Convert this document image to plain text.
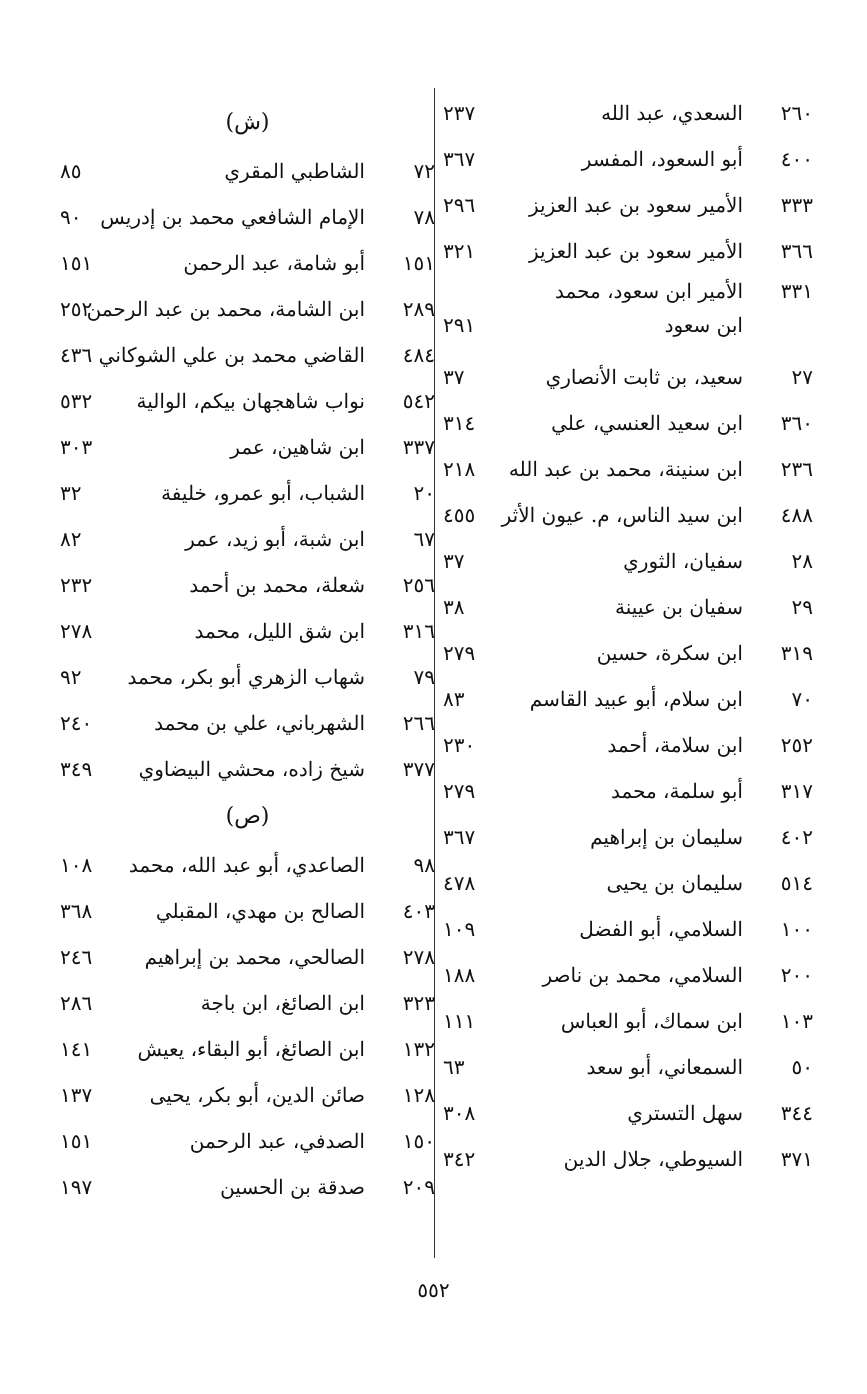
٢٦٠
السعدي، عبد الله
٢٣٧
٤٠٠
أبو السعود، المفسر
٣٦٧
٣٣٣
الأمير سعود بن عبد العزيز
٢٩٦
٣٦٦
الأمير سعود بن عبد العزيز
٣٢١
٣٣١
الأمير ابن سعود، محمد ابن سعود
٢٩١
٢٧
سعيد، بن ثابت الأنصاري
٣٧
٣٦٠
ابن سعيد العنسي، علي
٣١٤
٢٣٦
ابن سنينة، محمد بن عبد الله
٢١٨
٤٨٨
ابن سيد الناس، م. عيون الأثر
٤٥٥
٢٨
سفيان، الثوري
٣٧
٢٩
سفيان بن عيينة
٣٨
٣١٩
ابن سكرة، حسين
٢٧٩
٧٠
ابن سلام، أبو عبيد القاسم
٨٣
٢٥٢
ابن سلامة، أحمد
٢٣٠
٣١٧
أبو سلمة، محمد
٢٧٩
٤٠٢
سليمان بن إبراهيم
٣٦٧
٥١٤
سليمان بن يحيى
٤٧٨
١٠٠
السلامي، أبو الفضل
١٠٩
٢٠٠
السلامي، محمد بن ناصر
١٨٨
١٠٣
ابن سماك، أبو العباس
١١١
٥٠
السمعاني، أبو سعد
٦٣
٣٤٤
سهل التستري
٣٠٨
٣٧١
السيوطي، جلال الدين
٣٤٢
(ش)
٧٢
الشاطبي المقري
٨٥
٧٨
الإمام الشافعي محمد بن إدريس
٩٠
١٥١
أبو شامة، عبد الرحمن
١٥١
٢٨٩
ابن الشامة، محمد بن عبد الرحمن
٢٥٢
٤٨٤
القاضي محمد بن علي الشوكاني
٤٣٦
٥٤٢
نواب شاهجهان بيكم، الوالية
٥٣٢
٣٣٧
ابن شاهين، عمر
٣٠٣
٢٠
الشباب، أبو عمرو، خليفة
٣٢
٦٧
ابن شبة، أبو زيد، عمر
٨٢
٢٥٦
شعلة، محمد بن أحمد
٢٣٢
٣١٦
ابن شق الليل، محمد
٢٧٨
٧٩
شهاب الزهري أبو بكر، محمد
٩٢
٢٦٦
الشهرباني، علي بن محمد
٢٤٠
٣٧٧
شيخ زاده، محشي البيضاوي
٣٤٩
(ص)
٩٨
الصاعدي، أبو عبد الله، محمد
١٠٨
٤٠٣
الصالح بن مهدي، المقبلي
٣٦٨
٢٧٨
الصالحي، محمد بن إبراهيم
٢٤٦
٣٢٣
ابن الصائغ، ابن باجة
٢٨٦
١٣٢
ابن الصائغ، أبو البقاء، يعيش
١٤١
١٢٨
صائن الدين، أبو بكر، يحيى
١٣٧
١٥٠
الصدفي، عبد الرحمن
١٥١
٢٠٩
صدقة بن الحسين
١٩٧
٥٥٢
